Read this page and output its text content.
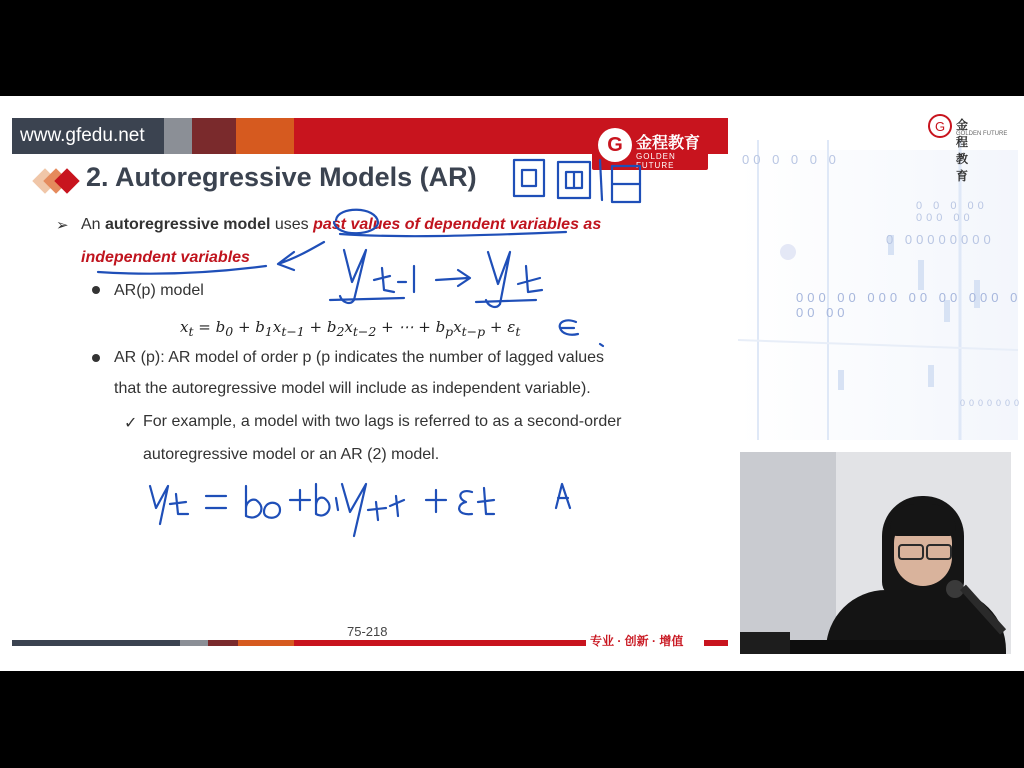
00 0 0 0 0
0 0 0 00 000 00
0 00000000
000 00 000 00 00 000 0 00 00
0000000
G 金程教育
GOLDEN FUTURE
www.gfedu.net	G 金程教育
GOLDEN FUTURE
2. Autoregressive Models (AR)
➢ An autoregressive model uses past values of dependent variables as
independent variables
AR(p) model
$x_t = b_0 + b_1x_{t-1} + b_2x_{t-2}$ + ⋯ + $b_px_{t-p} + \varepsilon_t$
AR (p): AR model of order p (p indicates the number of lagged values
that the autoregressive model will include as independent variable).
✓ For example, a model with two lags is referred to as a second-order
autoregressive model or an AR (2) model.
75-218
专业 · 创新 · 增值
